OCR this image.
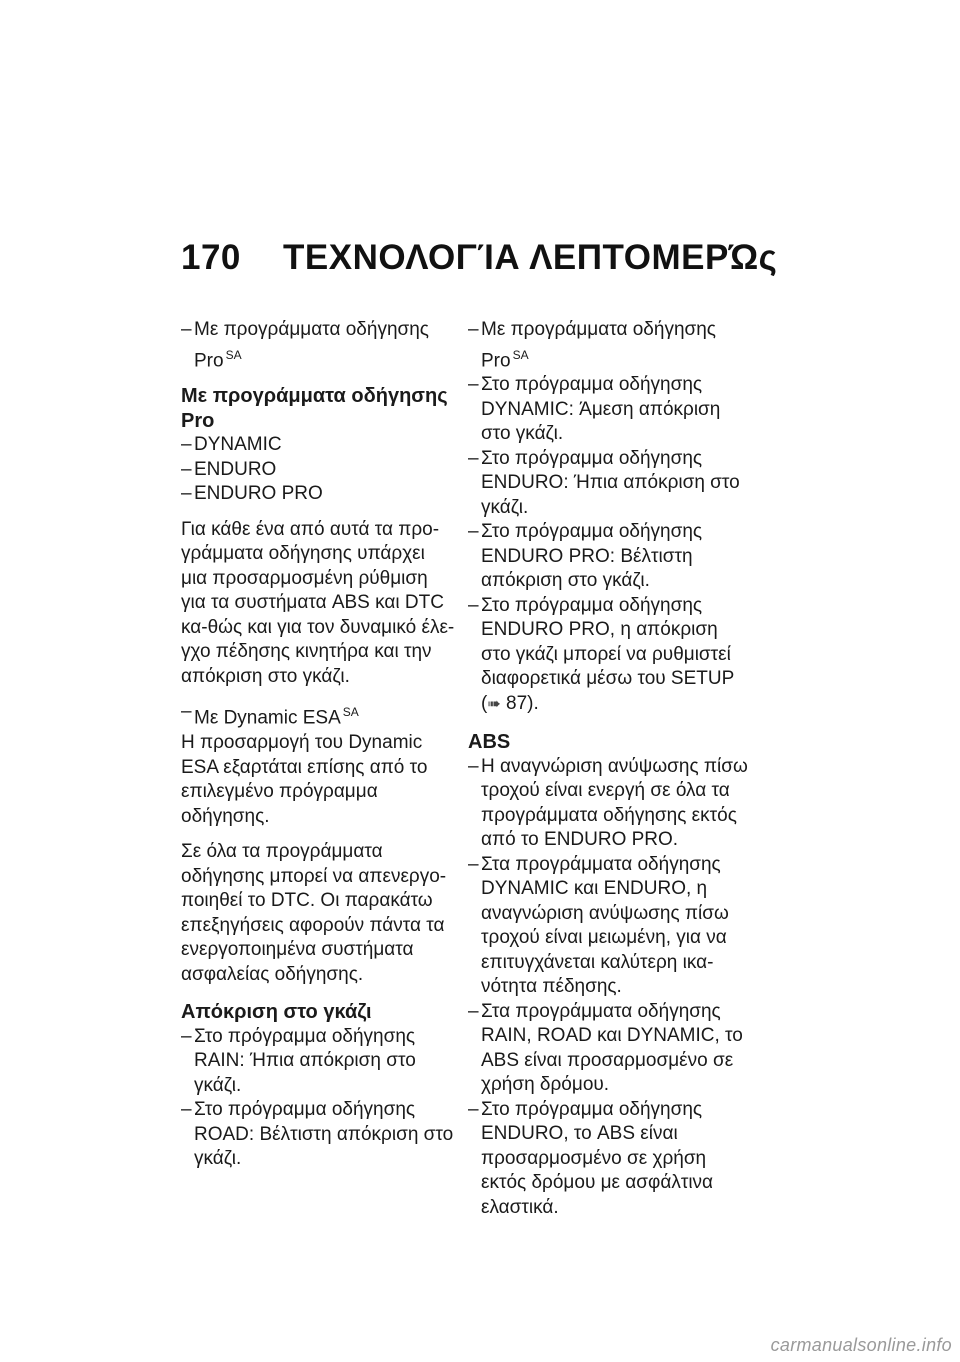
170 ΤΕΧΝΟΛΟΓΊΑ ΛΕΠΤΟΜΕΡΏς
– Με προγράμματα οδήγησης
Pro $^{SA}$
Με προγράμματα οδήγησης Pro
– DYNAMIC
– ENDURO
– ENDURO PRO
Για κάθε ένα από αυτά τα προ-γράμματα οδήγησης υπάρχει μια προσαρμοσμένη ρύθμιση για τα συστήματα ABS και DTC κα-θώς και για τον δυναμικό έλε-γχο πέδησης κινητήρα και την απόκριση στο γκάζι.
– Με Dynamic ESA $^{SA}$
Η προσαρμογή του Dynamic ESA εξαρτάται επίσης από το επιλεγμένο πρόγραμμα οδήγησης.
Σε όλα τα προγράμματα οδήγησης μπορεί να απενεργο-ποιηθεί το DTC. Οι παρακάτω επεξηγήσεις αφορούν πάντα τα ενεργοποιημένα συστήματα ασφαλείας οδήγησης.
Απόκριση στο γκάζι
– Στο πρόγραμμα οδήγησης RAIN: Ήπια απόκριση στο γκάζι.
– Στο πρόγραμμα οδήγησης ROAD: Βέλτιστη απόκριση στο γκάζι.
– Με προγράμματα οδήγησης
Pro $^{SA}$
– Στο πρόγραμμα οδήγησης DYNAMIC: Άμεση απόκριση στο γκάζι.
– Στο πρόγραμμα οδήγησης ENDURO: Ήπια απόκριση στο γκάζι.
– Στο πρόγραμμα οδήγησης ENDURO PRO: Βέλτιστη απόκριση στο γκάζι.
– Στο πρόγραμμα οδήγησης ENDURO PRO, η απόκριση στο γκάζι μπορεί να ρυθμιστεί διαφορετικά μέσω του SETUP
(➠ 87).
ABS
– Η αναγνώριση ανύψωσης πίσω τροχού είναι ενεργή σε όλα τα προγράμματα οδήγησης εκτός από το ENDURO PRO.
– Στα προγράμματα οδήγησης DYNAMIC και ENDURO, η αναγνώριση ανύψωσης πίσω τροχού είναι μειωμένη, για να επιτυγχάνεται καλύτερη ικα-νότητα πέδησης.
– Στα προγράμματα οδήγησης RAIN, ROAD και DYNAMIC, το ABS είναι προσαρμοσμένο σε χρήση δρόμου.
– Στο πρόγραμμα οδήγησης ENDURO, το ABS είναι προσαρμοσμένο σε χρήση εκτός δρόμου με ασφάλτινα ελαστικά.
carmanualsonline.info
